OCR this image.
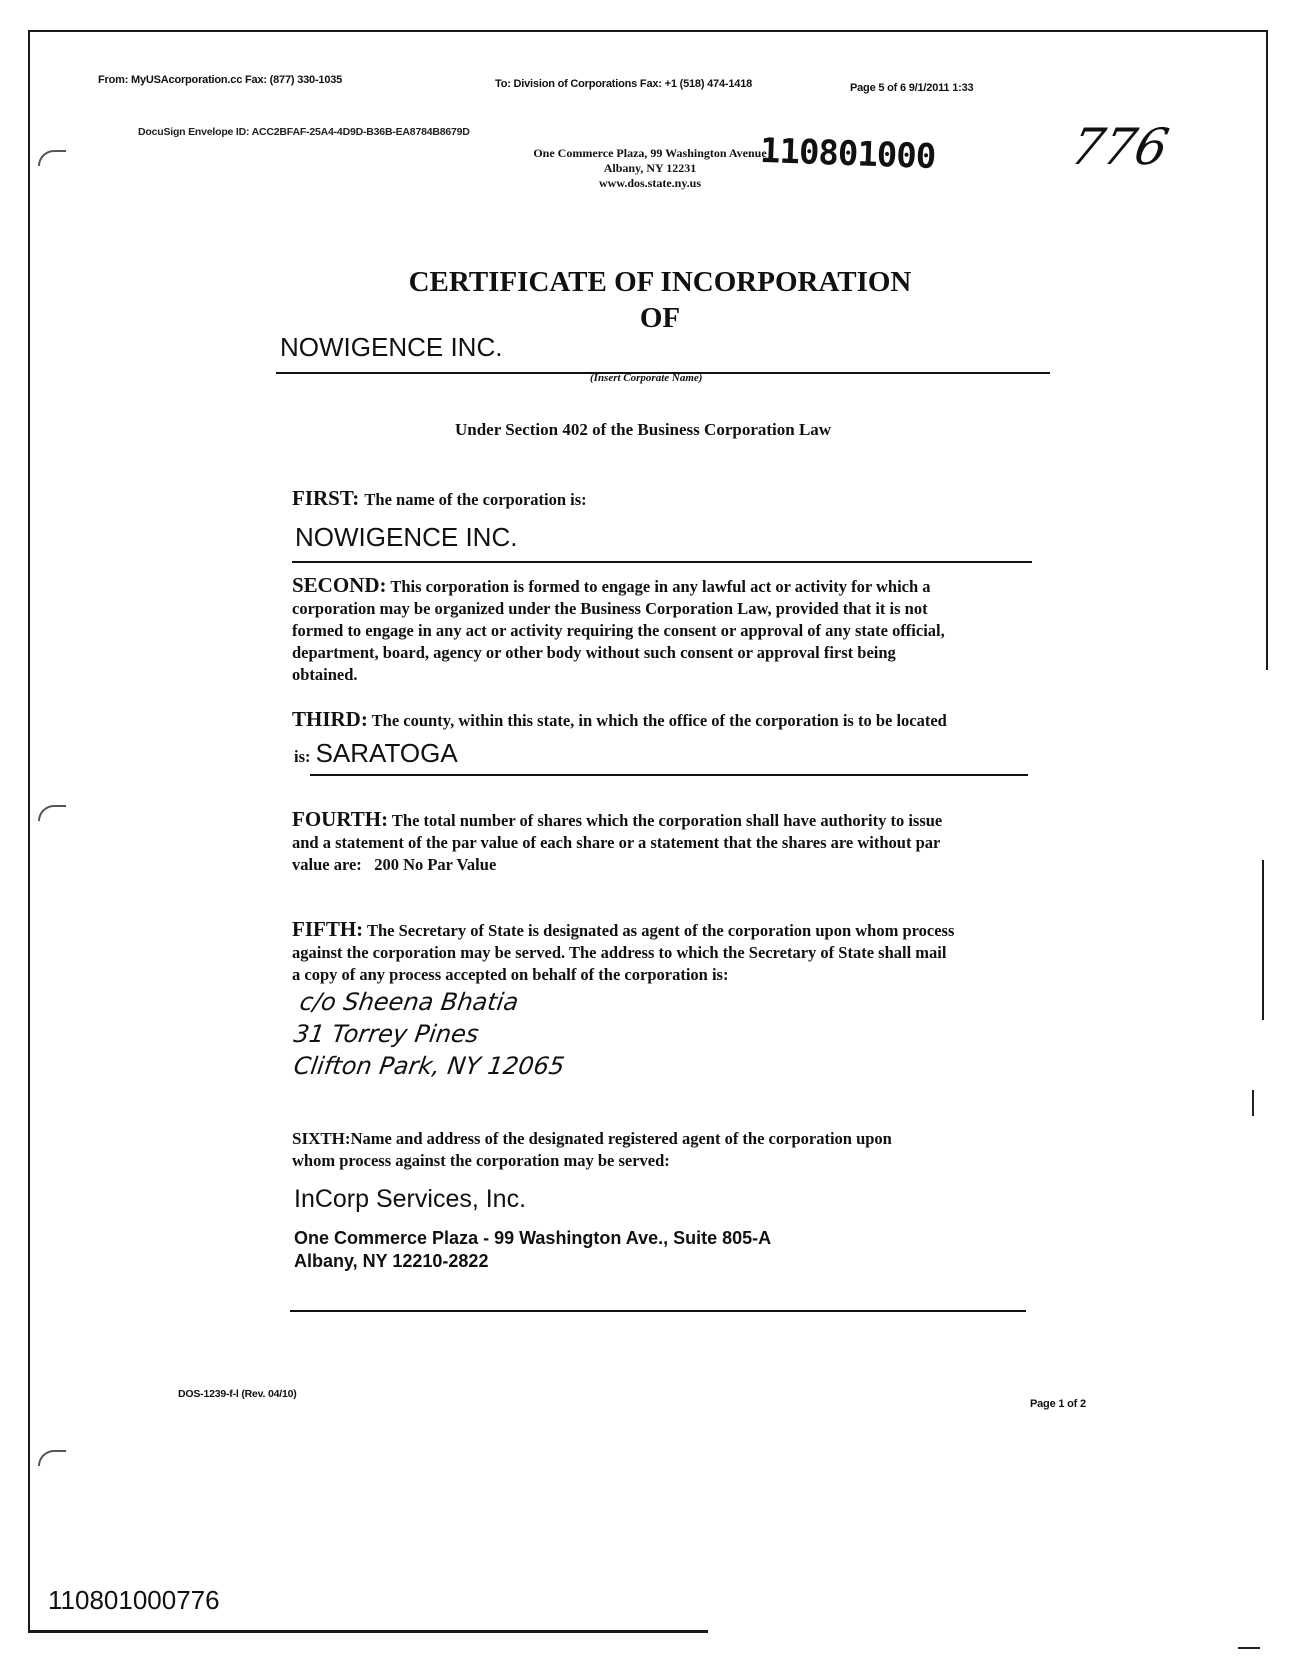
From: MyUSAcorporation.cc Fax: (877) 330-1035	To: Division of Corporations Fax: +1 (518) 474-1418	Page 5 of 6 9/1/2011 1:33
DocuSign Envelope ID: ACC2BFAF-25A4-4D9D-B36B-EA8784B8679D
One Commerce Plaza, 99 Washington Avenue
Albany, NY 12231
www.dos.state.ny.us
110801000	776
CERTIFICATE OF INCORPORATION
OF
NOWIGENCE INC.
(Insert Corporate Name)
Under Section 402 of the Business Corporation Law
FIRST: The name of the corporation is:
NOWIGENCE INC.
SECOND: This corporation is formed to engage in any lawful act or activity for which a
corporation may be organized under the Business Corporation Law, provided that it is not
formed to engage in any act or activity requiring the consent or approval of any state official,
department, board, agency or other body without such consent or approval first being
obtained.
THIRD: The county, within this state, in which the office of the corporation is to be located
is: SARATOGA
FOURTH: The total number of shares which the corporation shall have authority to issue
and a statement of the par value of each share or a statement that the shares are without par
value are: 200 No Par Value
FIFTH: The Secretary of State is designated as agent of the corporation upon whom process
against the corporation may be served. The address to which the Secretary of State shall mail
a copy of any process accepted on behalf of the corporation is:
c/o Sheena Bhatia
31 Torrey Pines
Clifton Park, NY 12065
SIXTH:Name and address of the designated registered agent of the corporation upon
whom process against the corporation may be served:
InCorp Services, Inc.
One Commerce Plaza - 99 Washington Ave., Suite 805-A
Albany, NY 12210-2822
DOS-1239-f-l (Rev. 04/10)
Page 1 of 2
110801000776
